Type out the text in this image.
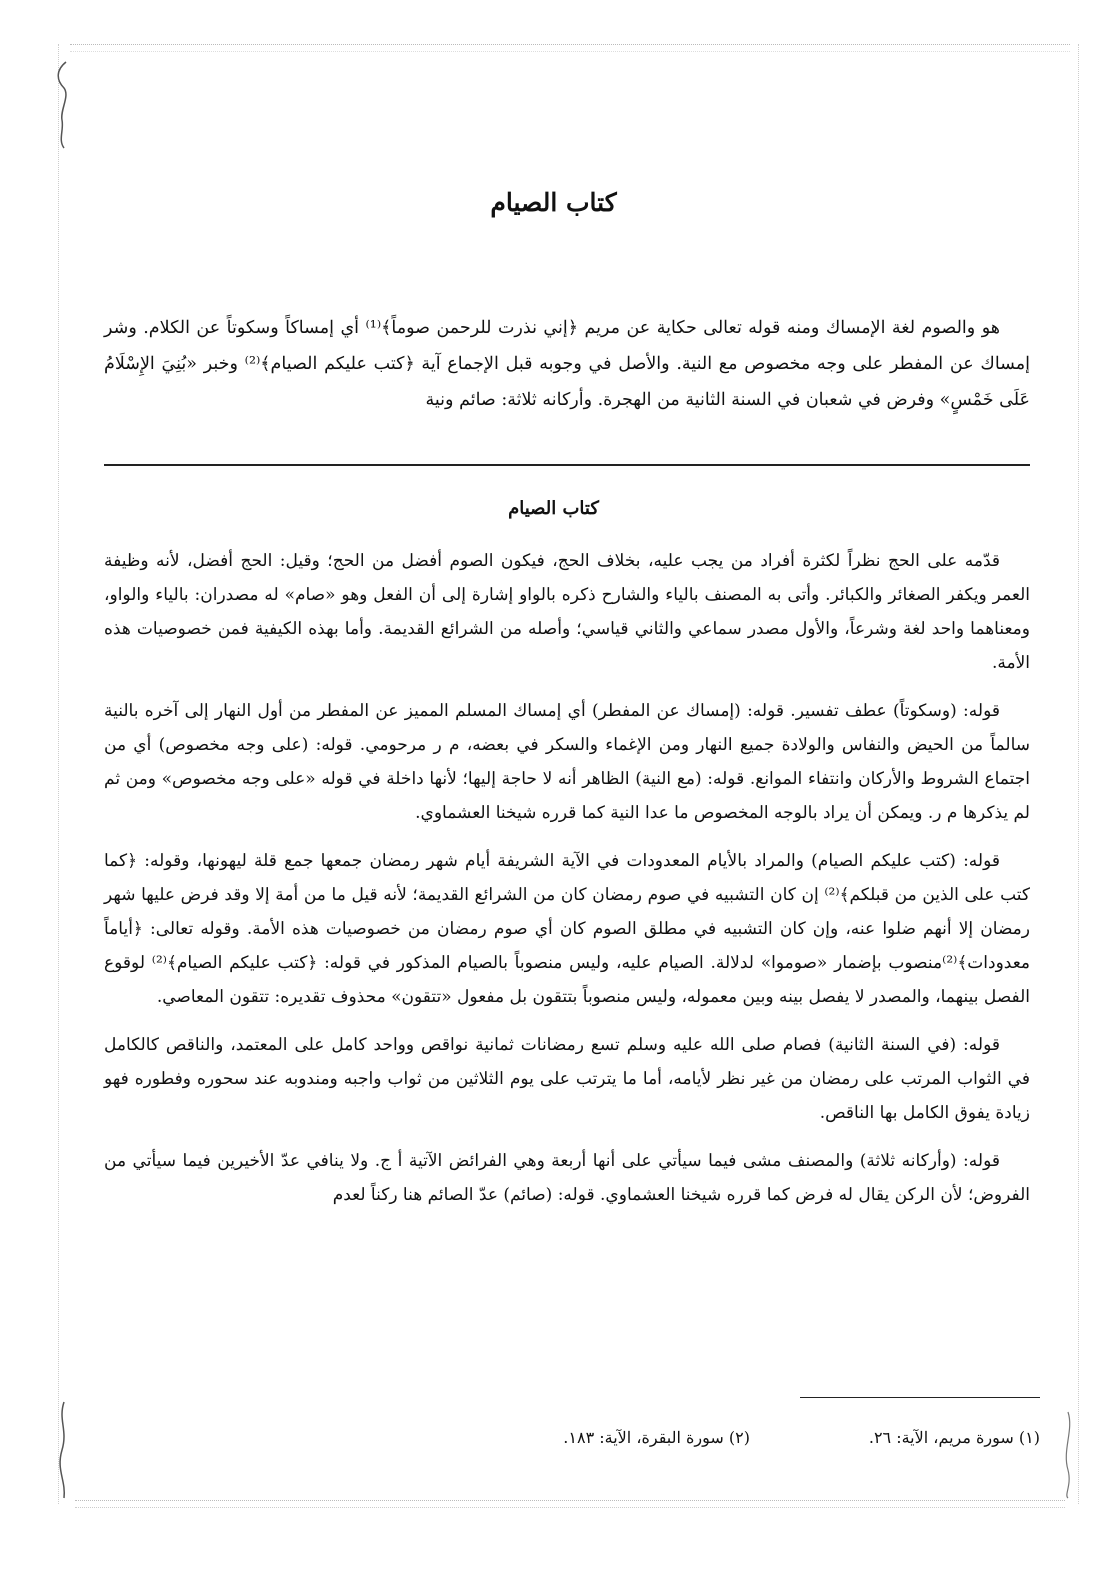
كتاب الصيام

هو والصوم لغة الإمساك ومنه قوله تعالى حكاية عن مريم ﴿إني نذرت للرحمن صوماً﴾⁽¹⁾ أي إمساكاً وسكوتاً عن الكلام. وشر إمساك عن المفطر على وجه مخصوص مع النية. والأصل في وجوبه قبل الإجماع آية ﴿كتب عليكم الصيام﴾⁽²⁾ وخبر «بُنِيَ الإِسْلَامُ عَلَى خَمْسٍ» وفرض في شعبان في السنة الثانية من الهجرة. وأركانه ثلاثة: صائم ونية

كتاب الصيام

قدّمه على الحج نظراً لكثرة أفراد من يجب عليه، بخلاف الحج، فيكون الصوم أفضل من الحج؛ وقيل: الحج أفضل، لأنه وظيفة العمر ويكفر الصغائر والكبائر. وأتى به المصنف بالياء والشارح ذكره بالواو إشارة إلى أن الفعل وهو «صام» له مصدران: بالياء والواو، ومعناهما واحد لغة وشرعاً، والأول مصدر سماعي والثاني قياسي؛ وأصله من الشرائع القديمة. وأما بهذه الكيفية فمن خصوصيات هذه الأمة.

قوله: (وسكوتاً) عطف تفسير. قوله: (إمساك عن المفطر) أي إمساك المسلم المميز عن المفطر من أول النهار إلى آخره بالنية سالماً من الحيض والنفاس والولادة جميع النهار ومن الإغماء والسكر في بعضه، م ر مرحومي. قوله: (على وجه مخصوص) أي من اجتماع الشروط والأركان وانتفاء الموانع. قوله: (مع النية) الظاهر أنه لا حاجة إليها؛ لأنها داخلة في قوله «على وجه مخصوص» ومن ثم لم يذكرها م ر. ويمكن أن يراد بالوجه المخصوص ما عدا النية كما قرره شيخنا العشماوي.

قوله: (كتب عليكم الصيام) والمراد بالأيام المعدودات في الآية الشريفة أيام شهر رمضان جمعها جمع قلة ليهونها، وقوله: ﴿كما كتب على الذين من قبلكم﴾⁽²⁾ إن كان التشبيه في صوم رمضان كان من الشرائع القديمة؛ لأنه قيل ما من أمة إلا وقد فرض عليها شهر رمضان إلا أنهم ضلوا عنه، وإن كان التشبيه في مطلق الصوم كان أي صوم رمضان من خصوصيات هذه الأمة. وقوله تعالى: ﴿أياماً معدودات﴾⁽²⁾منصوب بإضمار «صوموا» لدلالة. الصيام عليه، وليس منصوباً بالصيام المذكور في قوله: ﴿كتب عليكم الصيام﴾⁽²⁾ لوقوع الفصل بينهما، والمصدر لا يفصل بينه وبين معموله، وليس منصوباً بتتقون بل مفعول «تتقون» محذوف تقديره: تتقون المعاصي.

قوله: (في السنة الثانية) فصام صلى الله عليه وسلم تسع رمضانات ثمانية نواقص وواحد كامل على المعتمد، والناقص كالكامل في الثواب المرتب على رمضان من غير نظر لأيامه، أما ما يترتب على يوم الثلاثين من ثواب واجبه ومندوبه عند سحوره وفطوره فهو زيادة يفوق الكامل بها الناقص.

قوله: (وأركانه ثلاثة) والمصنف مشى فيما سيأتي على أنها أربعة وهي الفرائض الآتية أ ج. ولا ينافي عدّ الأخيرين فيما سيأتي من الفروض؛ لأن الركن يقال له فرض كما قرره شيخنا العشماوي. قوله: (صائم) عدّ الصائم هنا ركناً لعدم

(١) سورة مريم، الآية: ٢٦.
(٢) سورة البقرة، الآية: ١٨٣.
